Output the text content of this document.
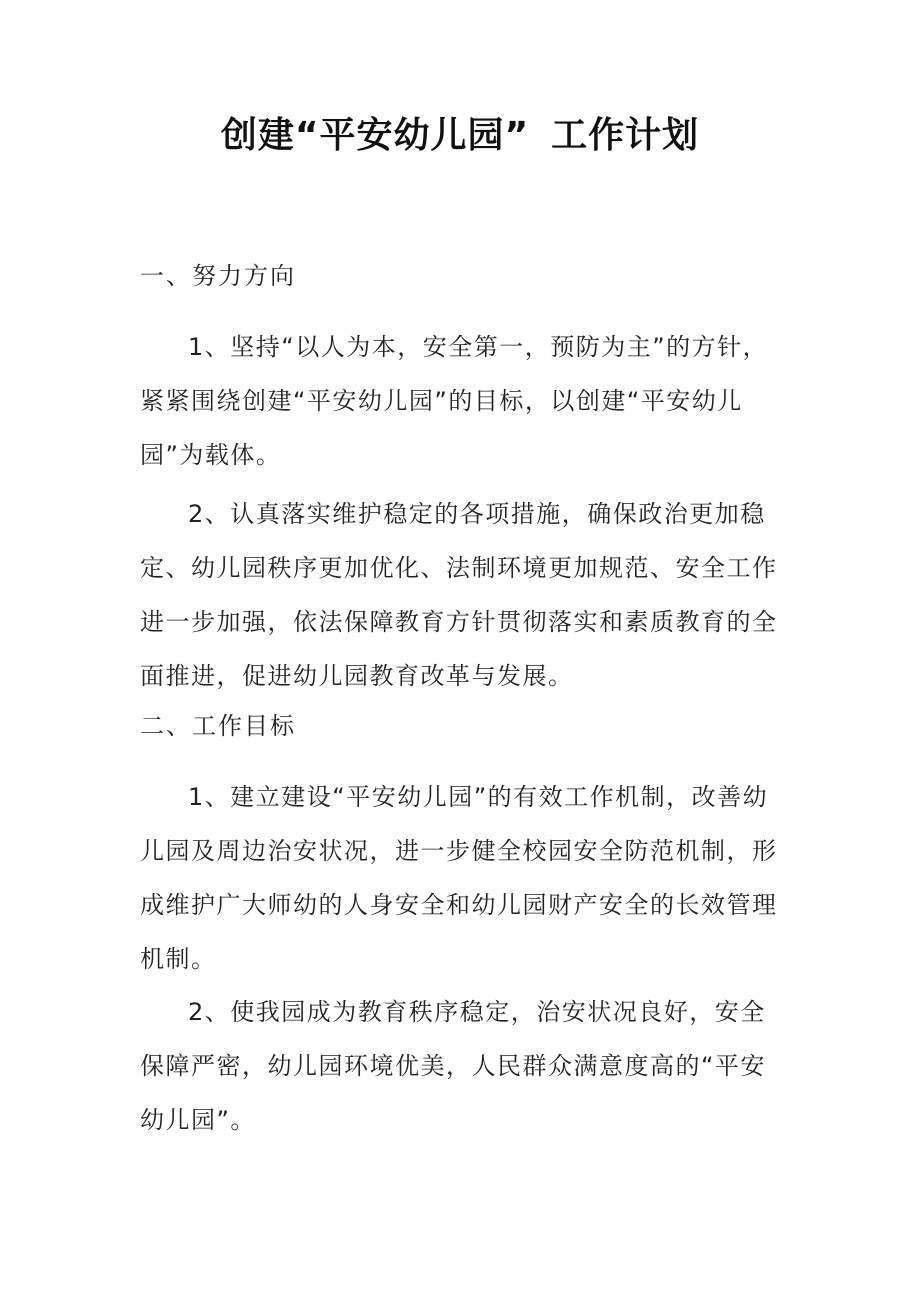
创建“平安幼儿园” 工作计划
一、努力方向
1、坚持“以人为本，安全第一，预防为主”的方针，紧紧围绕创建“平安幼儿园”的目标，以创建“平安幼儿园”为载体。
2、认真落实维护稳定的各项措施，确保政治更加稳定、幼儿园秩序更加优化、法制环境更加规范、安全工作进一步加强，依法保障教育方针贯彻落实和素质教育的全面推进，促进幼儿园教育改革与发展。
二、工作目标
1、建立建设“平安幼儿园”的有效工作机制，改善幼儿园及周边治安状况，进一步健全校园安全防范机制，形成维护广大师幼的人身安全和幼儿园财产安全的长效管理机制。
2、使我园成为教育秩序稳定，治安状况良好，安全保障严密，幼儿园环境优美，人民群众满意度高的“平安幼儿园”。
